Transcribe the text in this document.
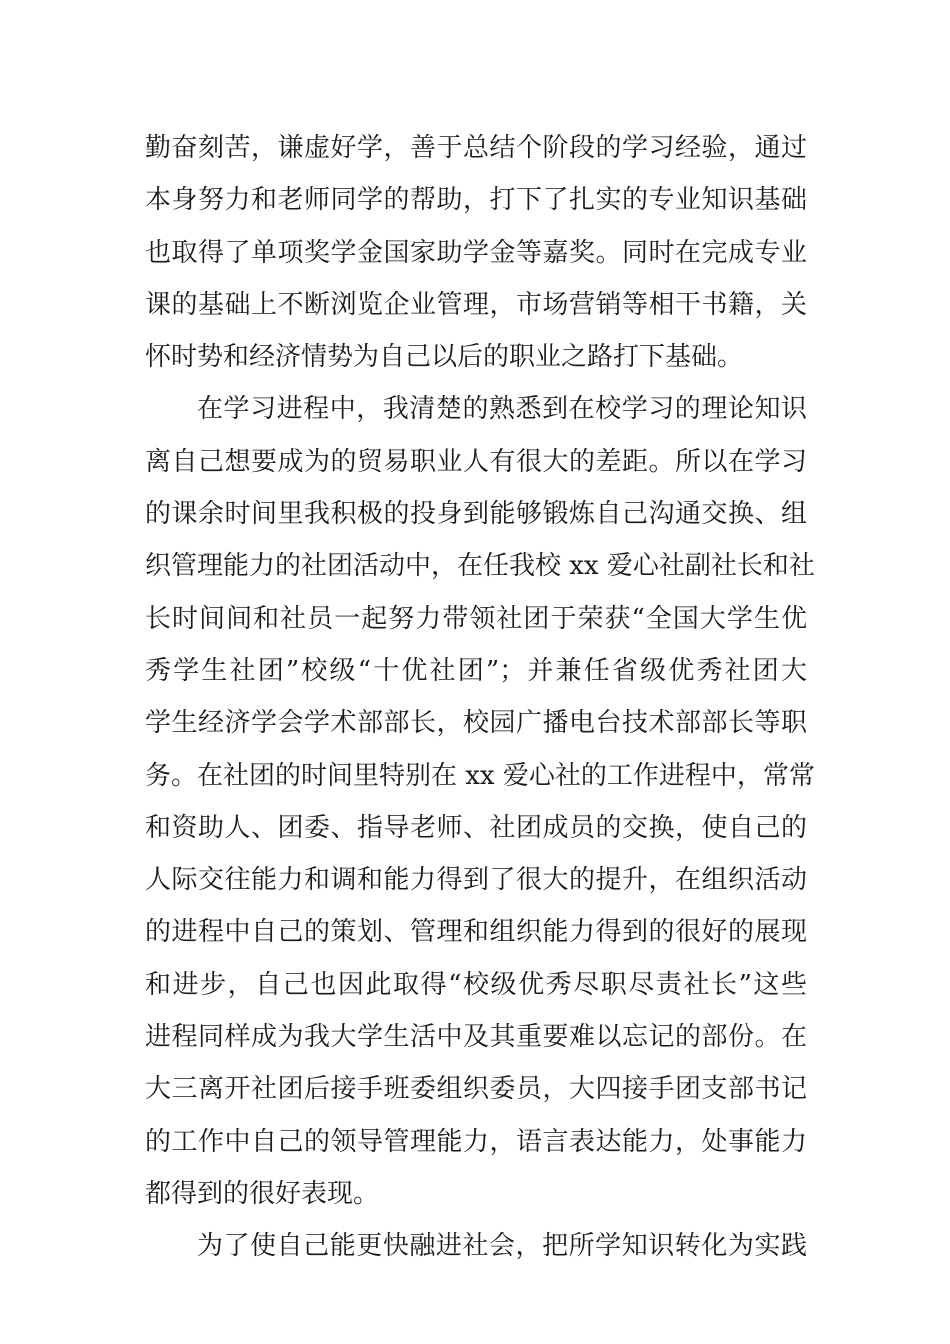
勤奋刻苦，谦虚好学，善于总结个阶段的学习经验，通过
本身努力和老师同学的帮助，打下了扎实的专业知识基础
也取得了单项奖学金国家助学金等嘉奖。同时在完成专业
课的基础上不断浏览企业管理，市场营销等相干书籍，关
怀时势和经济情势为自己以后的职业之路打下基础。
在学习进程中，我清楚的熟悉到在校学习的理论知识
离自己想要成为的贸易职业人有很大的差距。所以在学习
的课余时间里我积极的投身到能够锻炼自己沟通交换、组
织管理能力的社团活动中，在任我校 xx 爱心社副社长和社
长时间间和社员一起努力带领社团于荣获“全国大学生优
秀学生社团”校级“十优社团”；并兼任省级优秀社团大
学生经济学会学术部部长，校园广播电台技术部部长等职
务。在社团的时间里特别在 xx 爱心社的工作进程中，常常
和资助人、团委、指导老师、社团成员的交换，使自己的
人际交往能力和调和能力得到了很大的提升，在组织活动
的进程中自己的策划、管理和组织能力得到的很好的展现
和进步，自己也因此取得“校级优秀尽职尽责社长”这些
进程同样成为我大学生活中及其重要难以忘记的部份。在
大三离开社团后接手班委组织委员，大四接手团支部书记
的工作中自己的领导管理能力，语言表达能力，处事能力
都得到的很好表现。
为了使自己能更快融进社会，把所学知识转化为实践
